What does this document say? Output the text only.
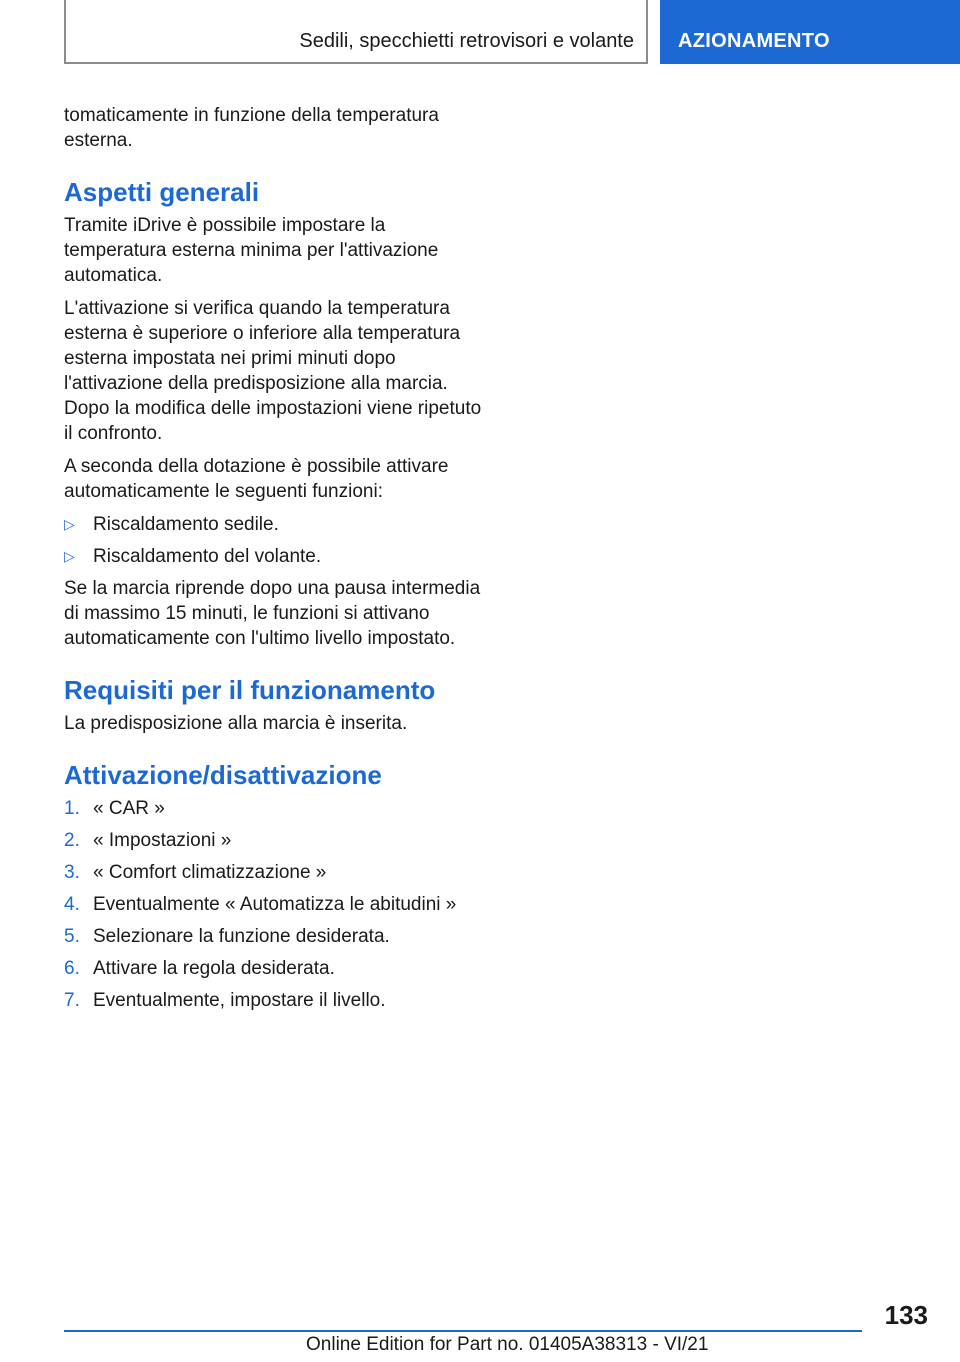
Sedili, specchietti retrovisori e volante AZIONAMENTO

tomaticamente in funzione della temperatura esterna.

Aspetti generali

Tramite iDrive è possibile impostare la temperatura esterna minima per l'attivazione automatica.

L'attivazione si verifica quando la temperatura esterna è superiore o inferiore alla temperatura esterna impostata nei primi minuti dopo l'attivazione della predisposizione alla marcia. Dopo la modifica delle impostazioni viene ripetuto il confronto.

A seconda della dotazione è possibile attivare automaticamente le seguenti funzioni:

▷ Riscaldamento sedile.
▷ Riscaldamento del volante.

Se la marcia riprende dopo una pausa intermedia di massimo 15 minuti, le funzioni si attivano automaticamente con l'ultimo livello impostato.

Requisiti per il funzionamento

La predisposizione alla marcia è inserita.

Attivazione/disattivazione
1. « CAR »
2. « Impostazioni »
3. « Comfort climatizzazione »
4. Eventualmente « Automatizza le abitudini »
5. Selezionare la funzione desiderata.
6. Attivare la regola desiderata.
7. Eventualmente, impostare il livello.
133
Online Edition for Part no. 01405A38313 - VI/21
